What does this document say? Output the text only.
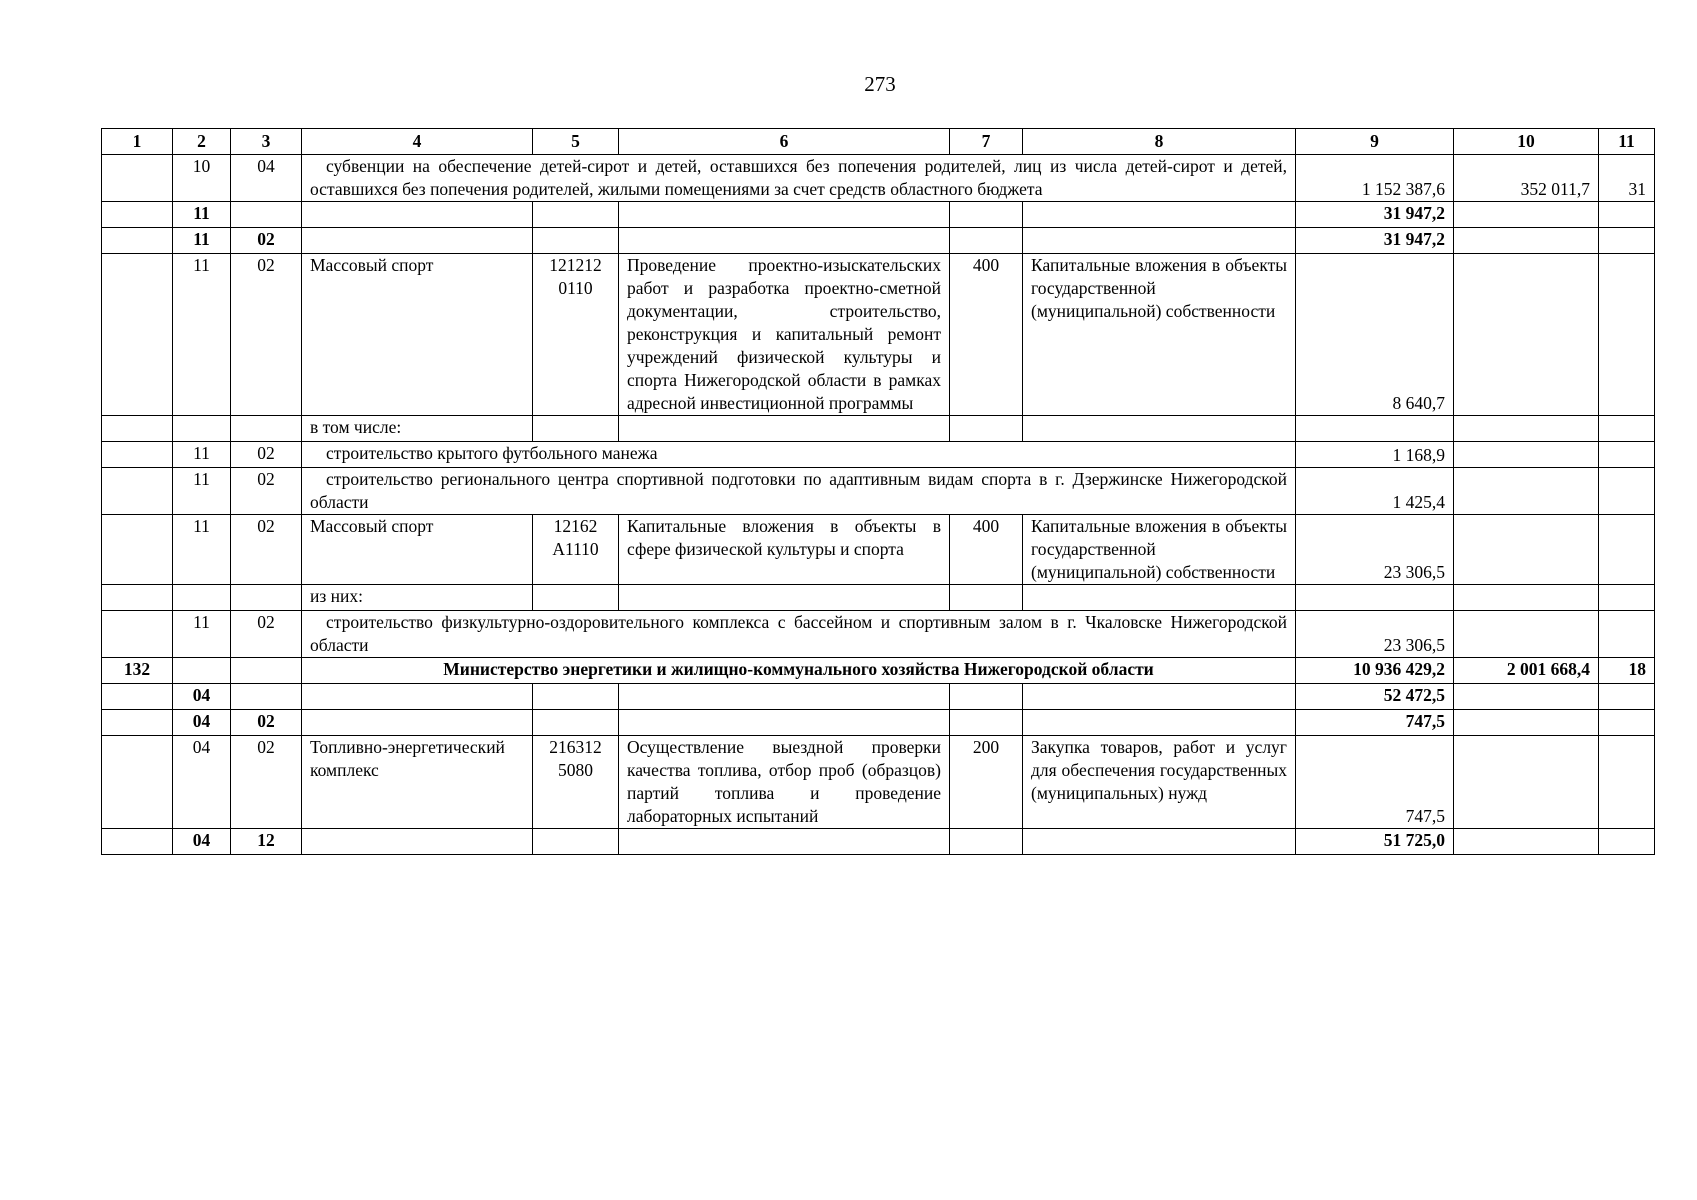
273
1	2	3	4	5	6	7	8	9	10	11
	10	04	субвенции на обеспечение детей-сирот и детей, оставшихся без попечения родителей, лиц из числа детей-сирот и детей, оставшихся без попечения родителей, жилыми помещениями за счет средств областного бюджета					1 152 387,6	352 011,7	31
	11							31 947,2		
	11	02						31 947,2		
	11	02	Массовый спорт	121212 0110	Проведение проектно-изыскательских работ и разработка проектно-сметной документации, строительство, реконструкция и капитальный ремонт учреждений физической культуры и спорта Нижегородской области в рамках адресной инвестиционной программы	400	Капитальные вложения в объекты государственной (муниципальной) собственности	8 640,7		
			в том числе:							
	11	02	строительство крытого футбольного манежа					1 168,9		
	11	02	строительство регионального центра спортивной подготовки по адаптивным видам спорта в г. Дзержинске Нижегородской области					1 425,4		
	11	02	Массовый спорт	12162 A1110	Капитальные вложения в объекты в сфере физической культуры и спорта	400	Капитальные вложения в объекты государственной (муниципальной) собственности	23 306,5		
			из них:							
	11	02	строительство физкультурно-оздоровительного комплекса с бассейном и спортивным залом в г. Чкаловске Нижегородской области					23 306,5		
132			Министерство энергетики и жилищно-коммунального хозяйства Нижегородской области					10 936 429,2	2 001 668,4	18
	04							52 472,5		
	04	02						747,5		
	04	02	Топливно-энергетический комплекс	216312 5080	Осуществление выездной проверки качества топлива, отбор проб (образцов) партий топлива и проведение лабораторных испытаний	200	Закупка товаров, работ и услуг для обеспечения государственных (муниципальных) нужд	747,5		
	04	12						51 725,0		
